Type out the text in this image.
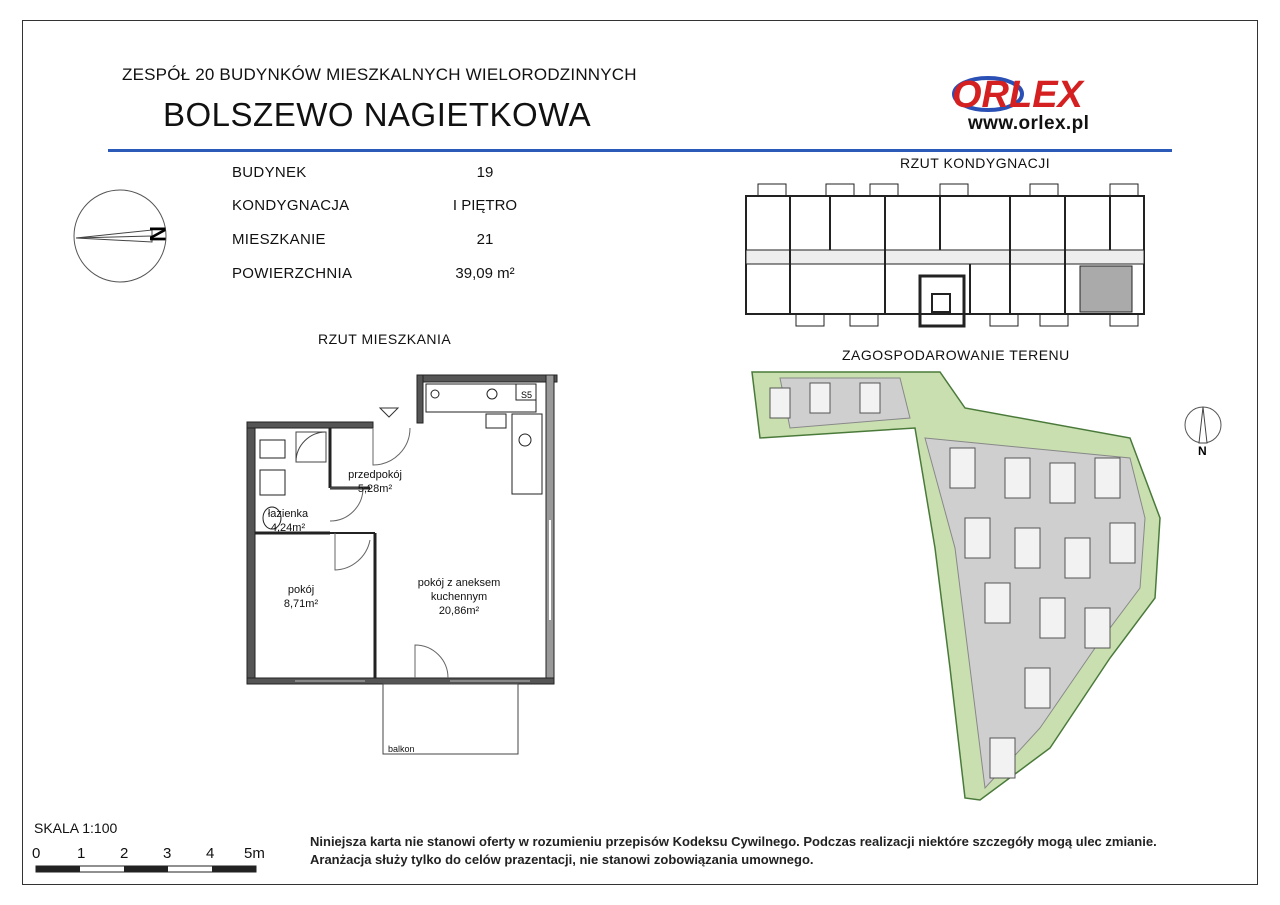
ZESPÓŁ 20 BUDYNKÓW MIESZKALNYCH WIELORODZINNYCH
BOLSZEWO NAGIETKOWA	ORLEX
www.orlex.pl
BUDYNEK	19
KONDYGNACJA	I PIĘTRO
MIESZKANIE	21
POWIERZCHNIA	39,09 m²
N
RZUT MIESZKANIA
RZUT KONDYGNACJI
ZAGOSPODAROWANIE TERENU
S5
przedpokój
5,28m²
łazienka
4,24m²
pokój
8,71m²
pokój z aneksem
kuchennym
20,86m²
balkon
N
SKALA 1:100
0 1 2 3 4 5m
Niniejsza karta nie stanowi oferty w rozumieniu przepisów Kodeksu Cywilnego. Podczas realizacji niektóre szczegóły mogą ulec zmianie.
Aranżacja służy tylko do celów prazentacji, nie stanowi zobowiązania umownego.
